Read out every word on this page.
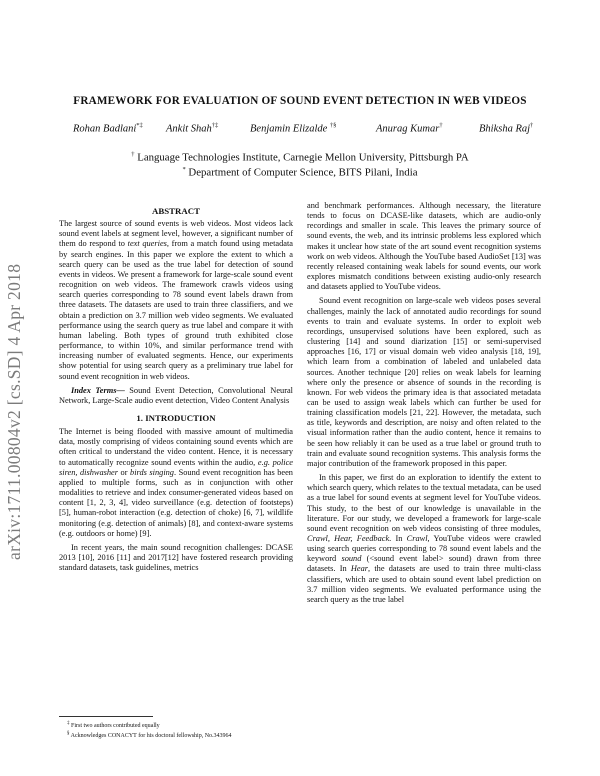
arXiv:1711.00804v2 [cs.SD] 4 Apr 2018
FRAMEWORK FOR EVALUATION OF SOUND EVENT DETECTION IN WEB VIDEOS
Rohan Badlani*‡ Ankit Shah†‡	Benjamin Elizalde †§	Anurag Kumar†	Bhiksha Raj†
† Language Technologies Institute, Carnegie Mellon University, Pittsburgh PA
* Department of Computer Science, BITS Pilani, India
ABSTRACT

The largest source of sound events is web videos. Most videos lack sound event labels at segment level, however, a significant number of them do respond to text queries, from a match found using metadata by search engines. In this paper we explore the extent to which a search query can be used as the true label for detection of sound events in videos. We present a framework for large-scale sound event recognition on web videos. The framework crawls videos using search queries corresponding to 78 sound event labels drawn from three datasets. The datasets are used to train three classifiers, and we obtain a prediction on 3.7 million web video segments. We evaluated performance using the search query as true label and compare it with human labeling. Both types of ground truth exhibited close performance, to within 10%, and similar performance trend with increasing number of evaluated segments. Hence, our experiments show potential for using search query as a preliminary true label for sound event recognition in web videos.

Index Terms— Sound Event Detection, Convolutional Neural Network, Large-Scale audio event detection, Video Content Analysis

1. INTRODUCTION

The Internet is being flooded with massive amount of multimedia data, mostly comprising of videos containing sound events which are often critical to understand the video content. Hence, it is necessary to automatically recognize sound events within the audio, e.g. police siren, dishwasher or birds singing. Sound event recognition has been applied to multiple forms, such as in conjunction with other modalities to retrieve and index consumer-generated videos based on content [1, 2, 3, 4], video surveillance (e.g. detection of footsteps) [5], human-robot interaction (e.g. detection of choke) [6, 7], wildlife monitoring (e.g. detection of animals) [8], and context-aware systems (e.g. outdoors or home) [9].

In recent years, the main sound recognition challenges: DCASE 2013 [10], 2016 [11] and 2017[12] have fostered research providing standard datasets, task guidelines, metrics

and benchmark performances. Although necessary, the literature tends to focus on DCASE-like datasets, which are audio-only recordings and smaller in scale. This leaves the primary source of sound events, the web, and its intrinsic problems less explored which makes it unclear how state of the art sound event recognition systems work on web videos. Although the YouTube based AudioSet [13] was recently released containing weak labels for sound events, our work explores mismatch conditions between existing audio-only research and datasets applied to YouTube videos.

Sound event recognition on large-scale web videos poses several challenges, mainly the lack of annotated audio recordings for sound events to train and evaluate systems. In order to exploit web recordings, unsupervised solutions have been explored, such as clustering [14] and sound diarization [15] or semi-supervised approaches [16, 17] or visual domain web video analysis [18, 19], which learn from a combination of labeled and unlabeled data sources. Another technique [20] relies on weak labels for learning where only the presence or absence of sounds in the recording is known. For web videos the primary idea is that associated metadata can be used to assign weak labels which can further be used for training classification models [21, 22]. However, the metadata, such as title, keywords and description, are noisy and often related to the visual information rather than the audio content, hence it remains to be seen how reliably it can be used as a true label or ground truth to train and evaluate sound recognition systems. This analysis forms the major contribution of the framework proposed in this paper.

In this paper, we first do an exploration to identify the extent to which search query, which relates to the textual metadata, can be used as a true label for sound events at segment level for YouTube videos. This study, to the best of our knowledge is unavailable in the literature. For our study, we developed a framework for large-scale sound event recognition on web videos consisting of three modules, Crawl, Hear, Feedback. In Crawl, YouTube videos were crawled using search queries corresponding to 78 sound event labels and the keyword sound (<sound event label> sound) drawn from three datasets. In Hear, the datasets are used to train three multi-class classifiers, which are used to obtain sound event label prediction on 3.7 million video segments. We evaluated performance using the search query as the true label

‡ First two authors contributed equally
§ Acknowledges CONACYT for his doctoral fellowship, No.343964
